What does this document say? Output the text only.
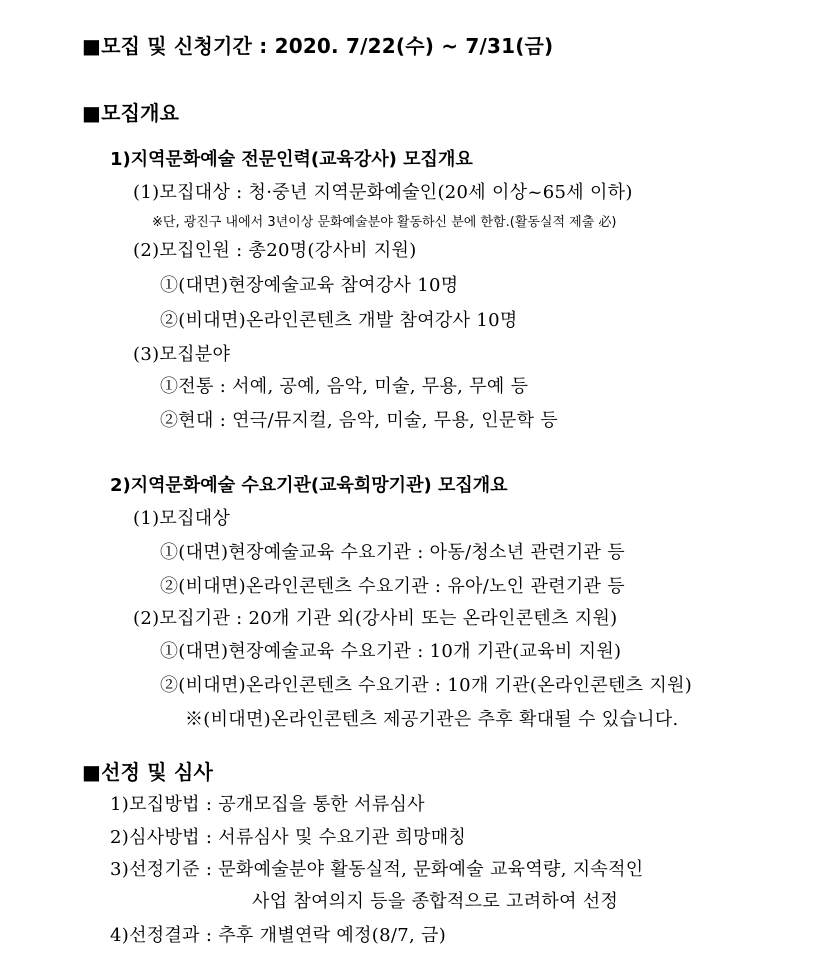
■모집 및 신청기간 : 2020. 7/22(수) ~ 7/31(금)

■모집개요

1)지역문화예술 전문인력(교육강사) 모집개요

(1)모집대상 : 청·중년 지역문화예술인(20세 이상~65세 이하)

※단, 광진구 내에서 3년이상 문화예술분야 활동하신 분에 한함.(활동실적 제출 必)

(2)모집인원 : 총20명(강사비 지원)

①(대면)현장예술교육 참여강사 10명

②(비대면)온라인콘텐츠 개발 참여강사 10명

(3)모집분야

①전통 : 서예, 공예, 음악, 미술, 무용, 무예 등

②현대 : 연극/뮤지컬, 음악, 미술, 무용, 인문학 등

2)지역문화예술 수요기관(교육희망기관) 모집개요

(1)모집대상

①(대면)현장예술교육 수요기관 : 아동/청소년 관련기관 등

②(비대면)온라인콘텐츠 수요기관 : 유아/노인 관련기관 등

(2)모집기관 : 20개 기관 외(강사비 또는 온라인콘텐츠 지원)

①(대면)현장예술교육 수요기관 : 10개 기관(교육비 지원)

②(비대면)온라인콘텐츠 수요기관 : 10개 기관(온라인콘텐츠 지원)

※(비대면)온라인콘텐츠 제공기관은 추후 확대될 수 있습니다.

■선정 및 심사

1)모집방법 : 공개모집을 통한 서류심사

2)심사방법 : 서류심사 및 수요기관 희망매칭

3)선정기준 : 문화예술분야 활동실적, 문화예술 교육역량, 지속적인

사업 참여의지 등을 종합적으로 고려하여 선정

4)선정결과 : 추후 개별연락 예정(8/7, 금)
